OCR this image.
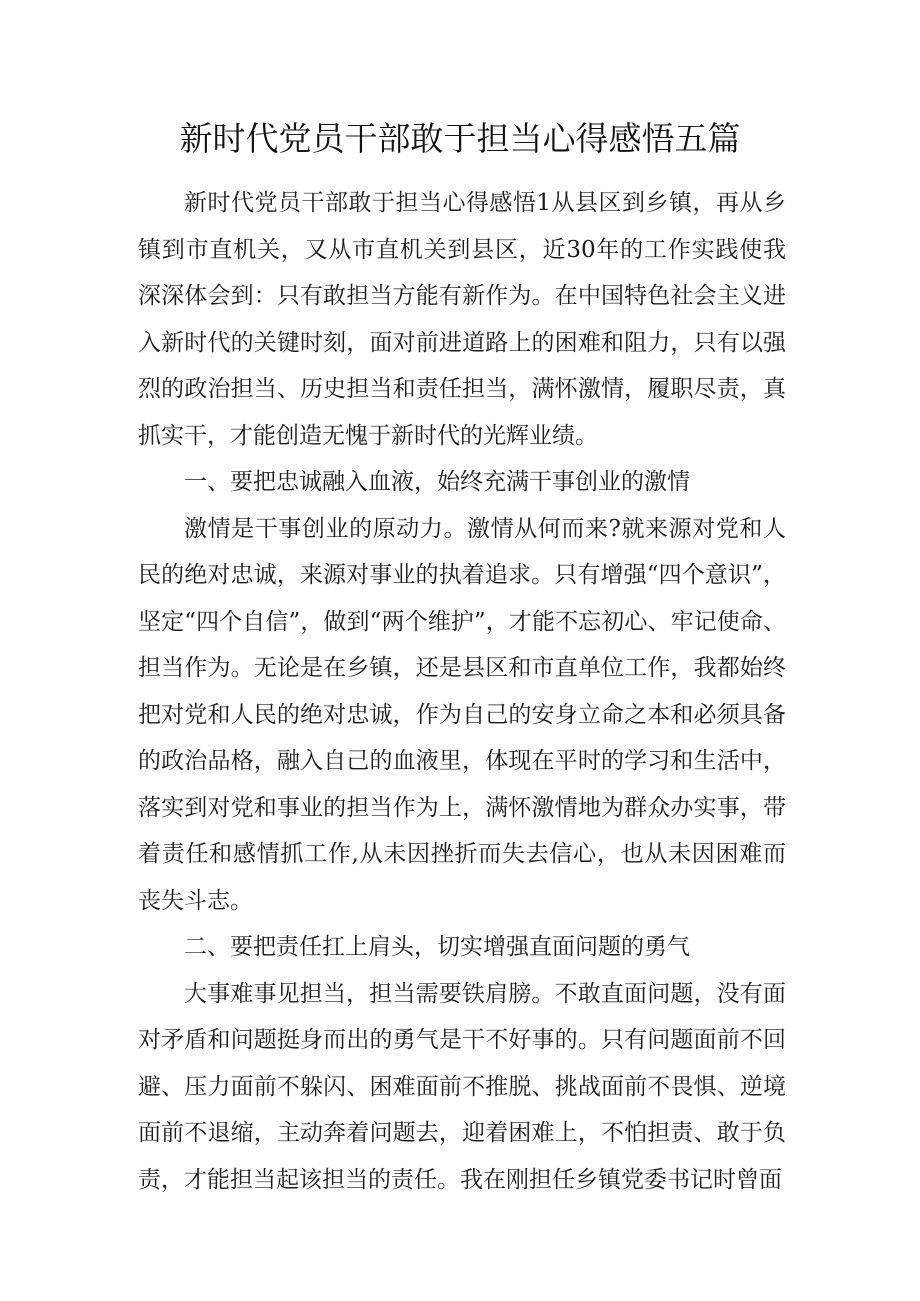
新时代党员干部敢于担当心得感悟五篇

新时代党员干部敢于担当心得感悟1从县区到乡镇，再从乡镇到市直机关，又从市直机关到县区，近30年的工作实践使我深深体会到：只有敢担当方能有新作为。在中国特色社会主义进入新时代的关键时刻，面对前进道路上的困难和阻力，只有以强烈的政治担当、历史担当和责任担当，满怀激情，履职尽责，真抓实干，才能创造无愧于新时代的光辉业绩。

一、要把忠诚融入血液，始终充满干事创业的激情

激情是干事创业的原动力。激情从何而来?就来源对党和人民的绝对忠诚，来源对事业的执着追求。只有增强“四个意识”，坚定“四个自信”，做到“两个维护”，才能不忘初心、牢记使命、担当作为。无论是在乡镇，还是县区和市直单位工作，我都始终把对党和人民的绝对忠诚，作为自己的安身立命之本和必须具备的政治品格，融入自己的血液里，体现在平时的学习和生活中，落实到对党和事业的担当作为上，满怀激情地为群众办实事，带着责任和感情抓工作,从未因挫折而失去信心，也从未因困难而丧失斗志。

二、要把责任扛上肩头，切实增强直面问题的勇气

大事难事见担当，担当需要铁肩膀。不敢直面问题，没有面对矛盾和问题挺身而出的勇气是干不好事的。只有问题面前不回避、压力面前不躲闪、困难面前不推脱、挑战面前不畏惧、逆境面前不退缩，主动奔着问题去，迎着困难上，不怕担责、敢于负责，才能担当起该担当的责任。我在刚担任乡镇党委书记时曾面
